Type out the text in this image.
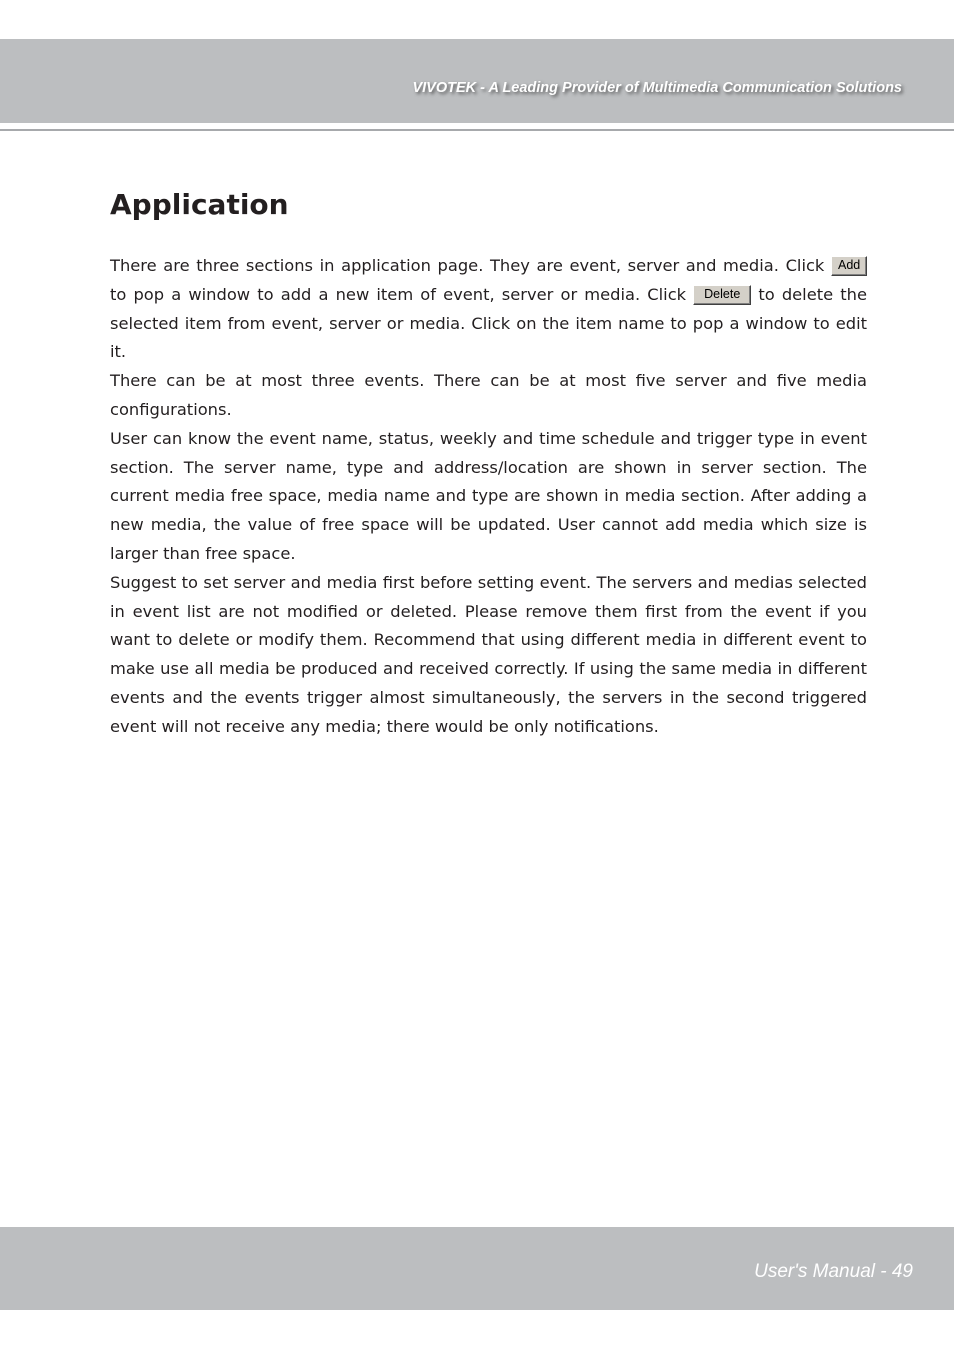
VIVOTEK - A Leading Provider of Multimedia Communication Solutions
Application

There are three sections in application page. They are event, server and media. Click Add to pop a window to add a new item of event, server or media. Click Delete to delete the selected item from event, server or media. Click on the item name to pop a window to edit it.

There can be at most three events. There can be at most five server and five media configurations.

User can know the event name, status, weekly and time schedule and trigger type in event section. The server name, type and address/location are shown in server section. The current media free space, media name and type are shown in media section. After adding a new media, the value of free space will be updated. User cannot add media which size is larger than free space.

Suggest to set server and media first before setting event. The servers and medias selected in event list are not modified or deleted. Please remove them first from the event if you want to delete or modify them. Recommend that using different media in different event to make use all media be produced and received correctly. If using the same media in different events and the events trigger almost simultaneously, the servers in the second triggered event will not receive any media; there would be only notifications.

User's Manual - 49
